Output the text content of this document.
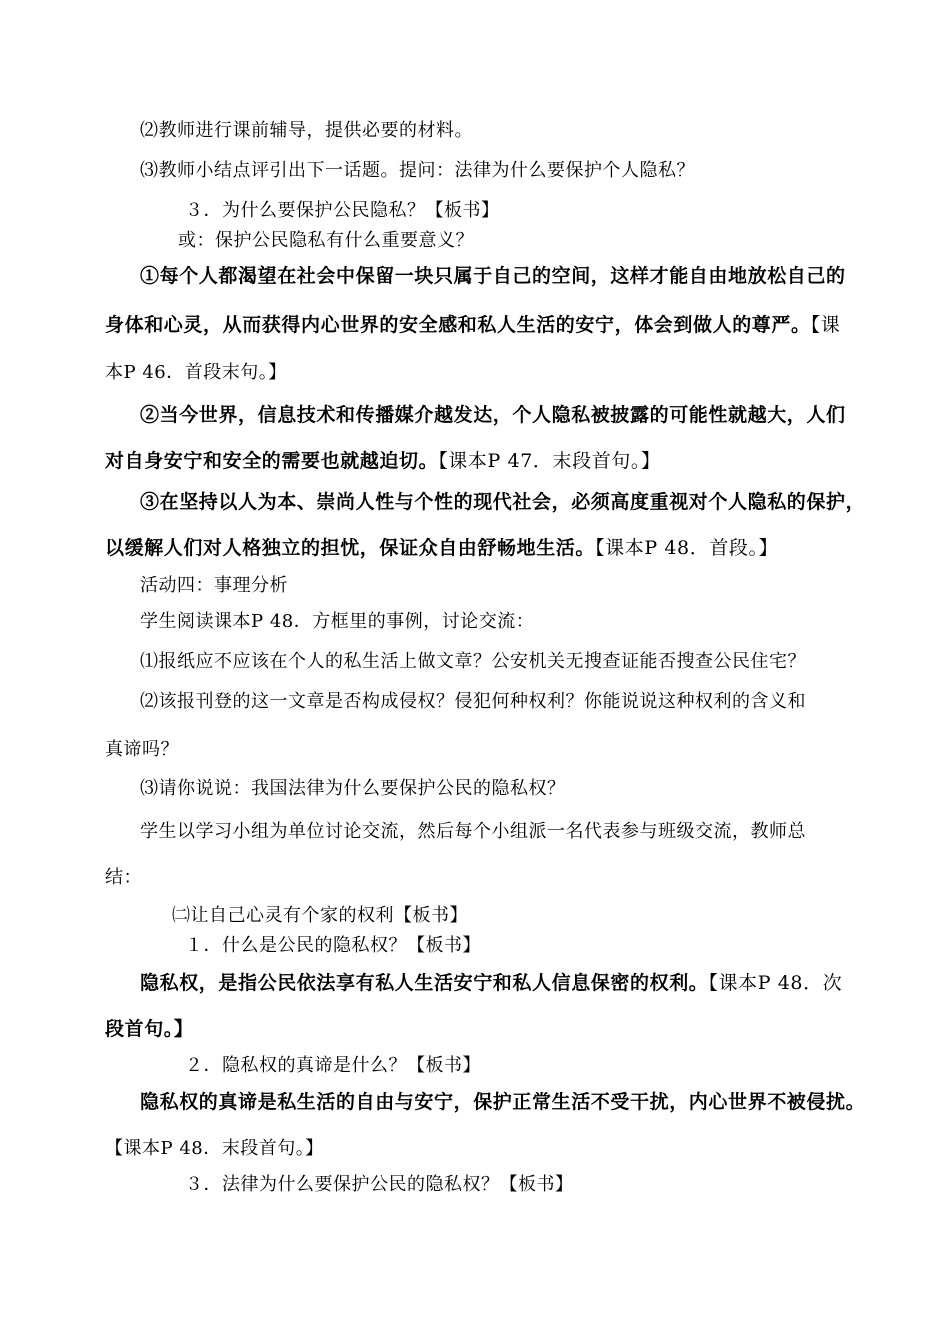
⑵教师进行课前辅导，提供必要的材料。
⑶教师小结点评引出下一话题。提问：法律为什么要保护个人隐私？
３．为什么要保护公民隐私？【板书】
或：保护公民隐私有什么重要意义？
①每个人都渴望在社会中保留一块只属于自己的空间，这样才能自由地放松自己的
身体和心灵，从而获得内心世界的安全感和私人生活的安宁，体会到做人的尊严。【课
本P 46．首段末句。】
②当今世界，信息技术和传播媒介越发达，个人隐私被披露的可能性就越大，人们
对自身安宁和安全的需要也就越迫切。【课本P 47．末段首句。】
③在坚持以人为本、崇尚人性与个性的现代社会，必须高度重视对个人隐私的保护，
以缓解人们对人格独立的担忧，保证众自由舒畅地生活。【课本P 48．首段。】
活动四：事理分析
学生阅读课本P 48．方框里的事例，讨论交流：
⑴报纸应不应该在个人的私生活上做文章？公安机关无搜查证能否搜查公民住宅？
⑵该报刊登的这一文章是否构成侵权？侵犯何种权利？你能说说这种权利的含义和
真谛吗？
⑶请你说说：我国法律为什么要保护公民的隐私权？
学生以学习小组为单位讨论交流，然后每个小组派一名代表参与班级交流，教师总
结：
㈡让自己心灵有个家的权利【板书】
１．什么是公民的隐私权？【板书】
隐私权，是指公民依法享有私人生活安宁和私人信息保密的权利。【课本P 48．次
段首句。】
２．隐私权的真谛是什么？【板书】
隐私权的真谛是私生活的自由与安宁，保护正常生活不受干扰，内心世界不被侵扰。
【课本P 48．末段首句。】
３．法律为什么要保护公民的隐私权？【板书】
